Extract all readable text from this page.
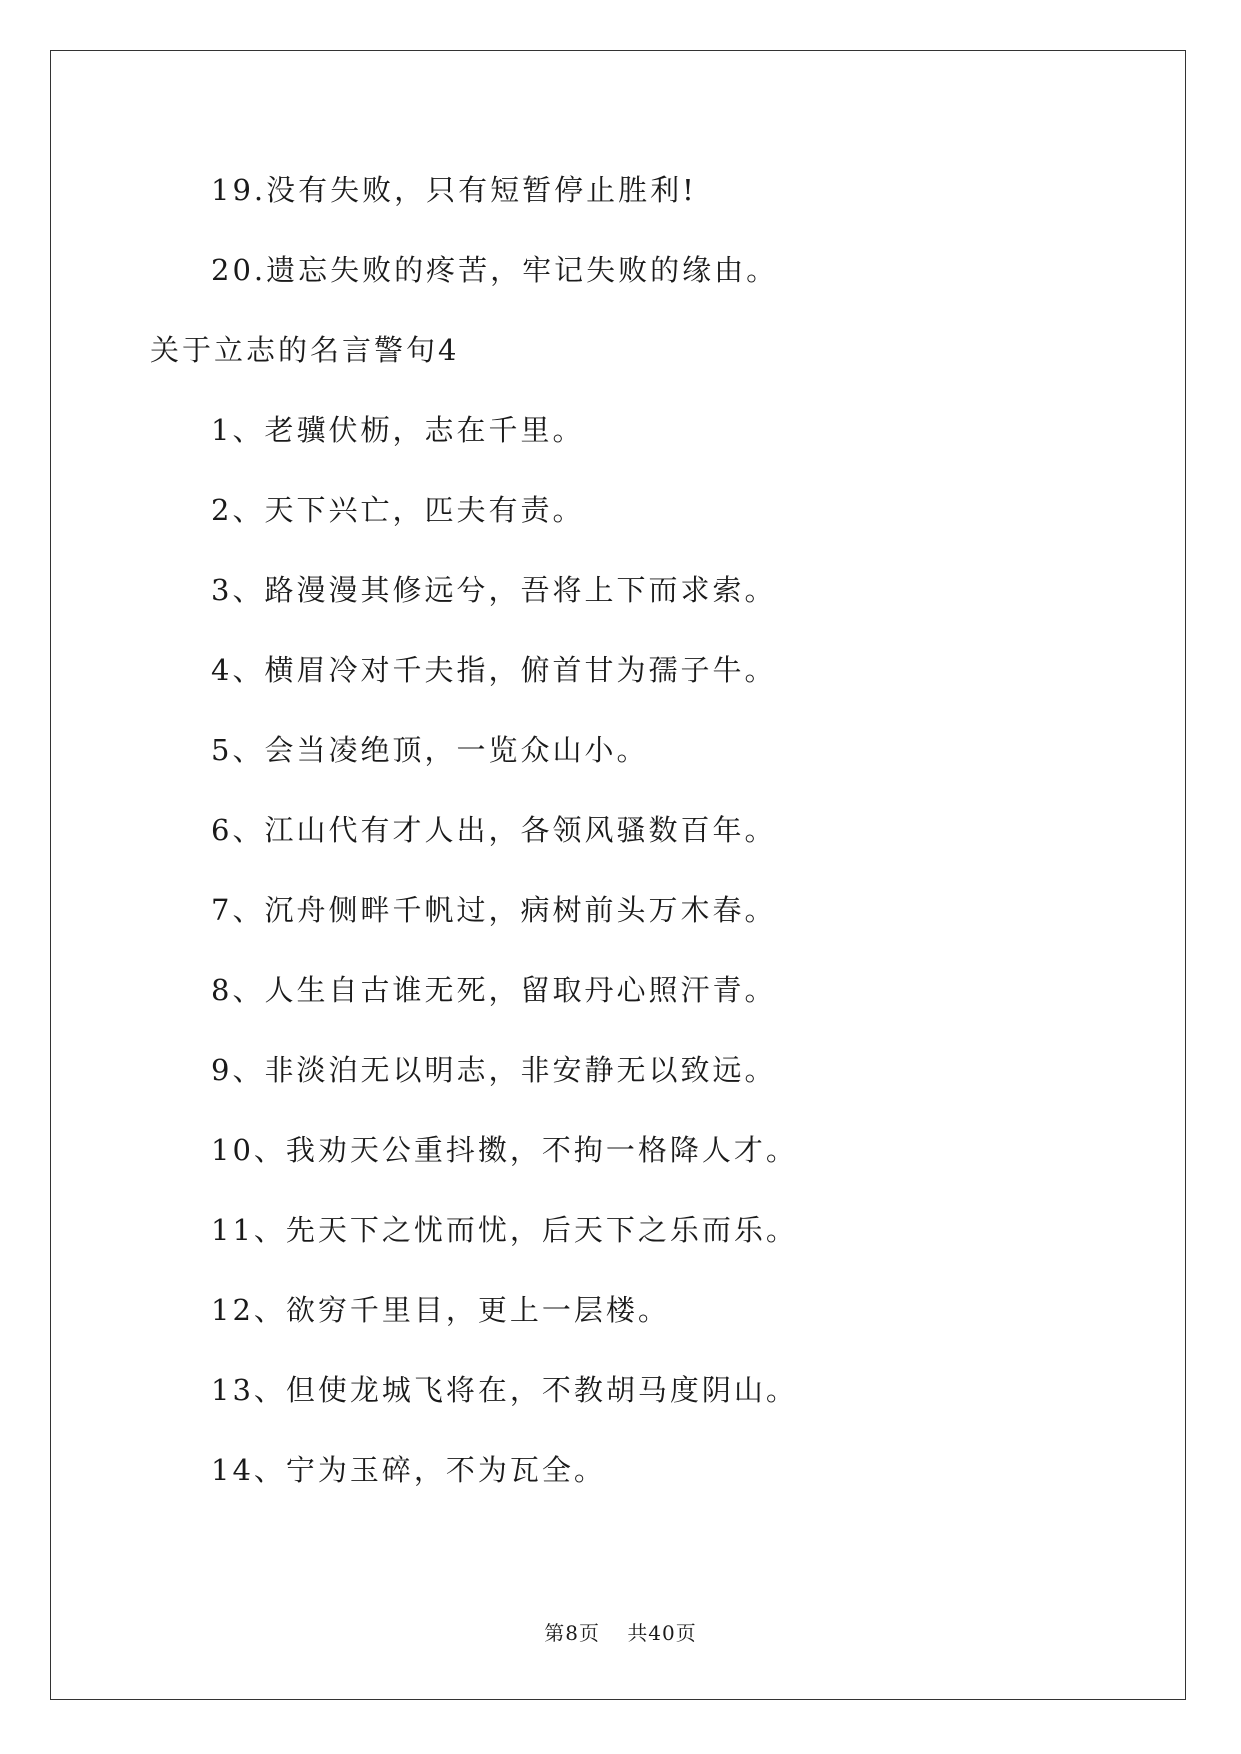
19.没有失败，只有短暂停止胜利!
20.遗忘失败的疼苦，牢记失败的缘由。
关于立志的名言警句4
1、老骥伏枥，志在千里。
2、天下兴亡，匹夫有责。
3、路漫漫其修远兮，吾将上下而求索。
4、横眉冷对千夫指，俯首甘为孺子牛。
5、会当凌绝顶，一览众山小。
6、江山代有才人出，各领风骚数百年。
7、沉舟侧畔千帆过，病树前头万木春。
8、人生自古谁无死，留取丹心照汗青。
9、非淡泊无以明志，非安静无以致远。
10、我劝天公重抖擞，不拘一格降人才。
11、先天下之忧而忧，后天下之乐而乐。
12、欲穷千里目，更上一层楼。
13、但使龙城飞将在，不教胡马度阴山。
14、宁为玉碎，不为瓦全。
第8页 共40页
